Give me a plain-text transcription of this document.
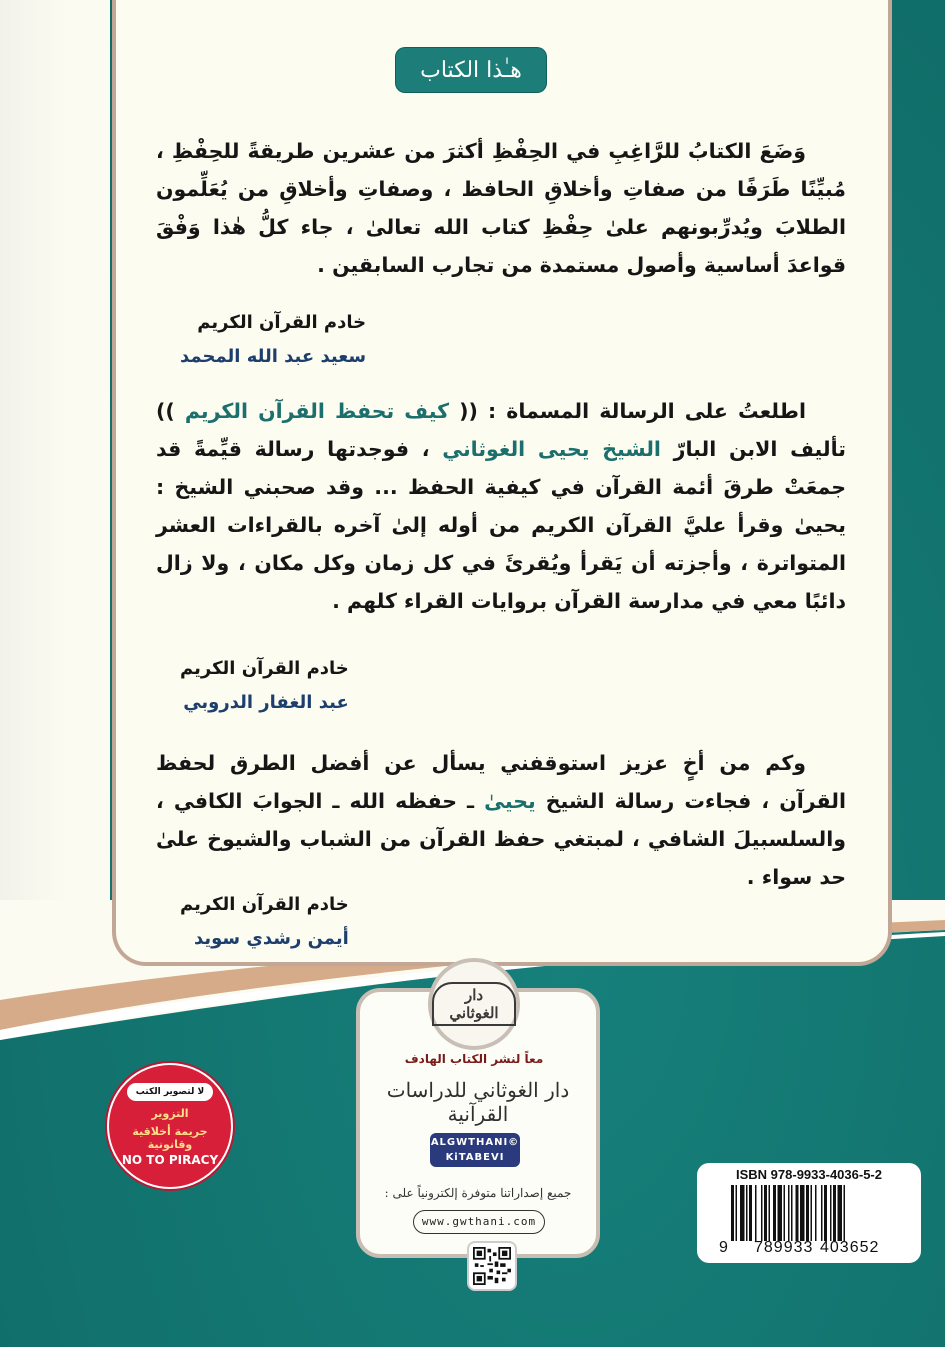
هـٰذا الكتاب

وَضَعَ الكتابُ للرَّاغِبِ في الحِفْظِ أكثرَ من عشرين طريقةً للحِفْظِ ، مُبيِّنًا طَرَفًا من صفاتِ وأخلاقِ الحافظ ، وصفاتِ وأخلاقِ من يُعَلِّمون الطلابَ ويُدرِّبونهم علىٰ حِفْظِ كتاب الله تعالىٰ ، جاء كلُّ هٰذا وَفْقَ قواعدَ أساسية وأصول مستمدة من تجارب السابقين .

خادم القرآن الكريم
سعيد عبد الله المحمد

اطلعتُ على الرسالة المسماة : (( كيف تحفظ القرآن الكريم )) تأليف الابن البارّ الشيخ يحيى الغوثاني ، فوجدتها رسالة قيِّمةً قد جمعَتْ طرقَ أئمة القرآن في كيفية الحفظ ... وقد صحبني الشيخ : يحيىٰ وقرأ عليَّ القرآن الكريم من أوله إلىٰ آخره بالقراءات العشر المتواترة ، وأجزته أن يَقرأ ويُقرئَ في كل زمان وكل مكان ، ولا زال دائبًا معي في مدارسة القرآن بروايات القراء كلهم .

خادم القرآن الكريم
عبد الغفار الدروبي

وكم من أخٍ عزيز استوقفني يسأل عن أفضل الطرق لحفظ القرآن ، فجاءت رسالة الشيخ يحيىٰ ـ حفظه الله ـ الجوابَ الكافي ، والسلسبيلَ الشافي ، لمبتغي حفظ القرآن من الشباب والشيوخ علىٰ حد سواء .

خادم القرآن الكريم
أيمن رشدي سويد
دار الغوثاني
معاً لنشر الكتاب الهادف
دار الغوثاني للدراسات القرآنية
ALGWTHANI©
KiTABEVI
جميع إصداراتنا متوفرة إلكترونياً على :
www.gwthani.com
لا لتصوير الكتب
التزوير
جريمة أخلاقية وقانونية
NO TO PIRACY
ISBN 978-9933-4036-5-2
9 789933 403652
